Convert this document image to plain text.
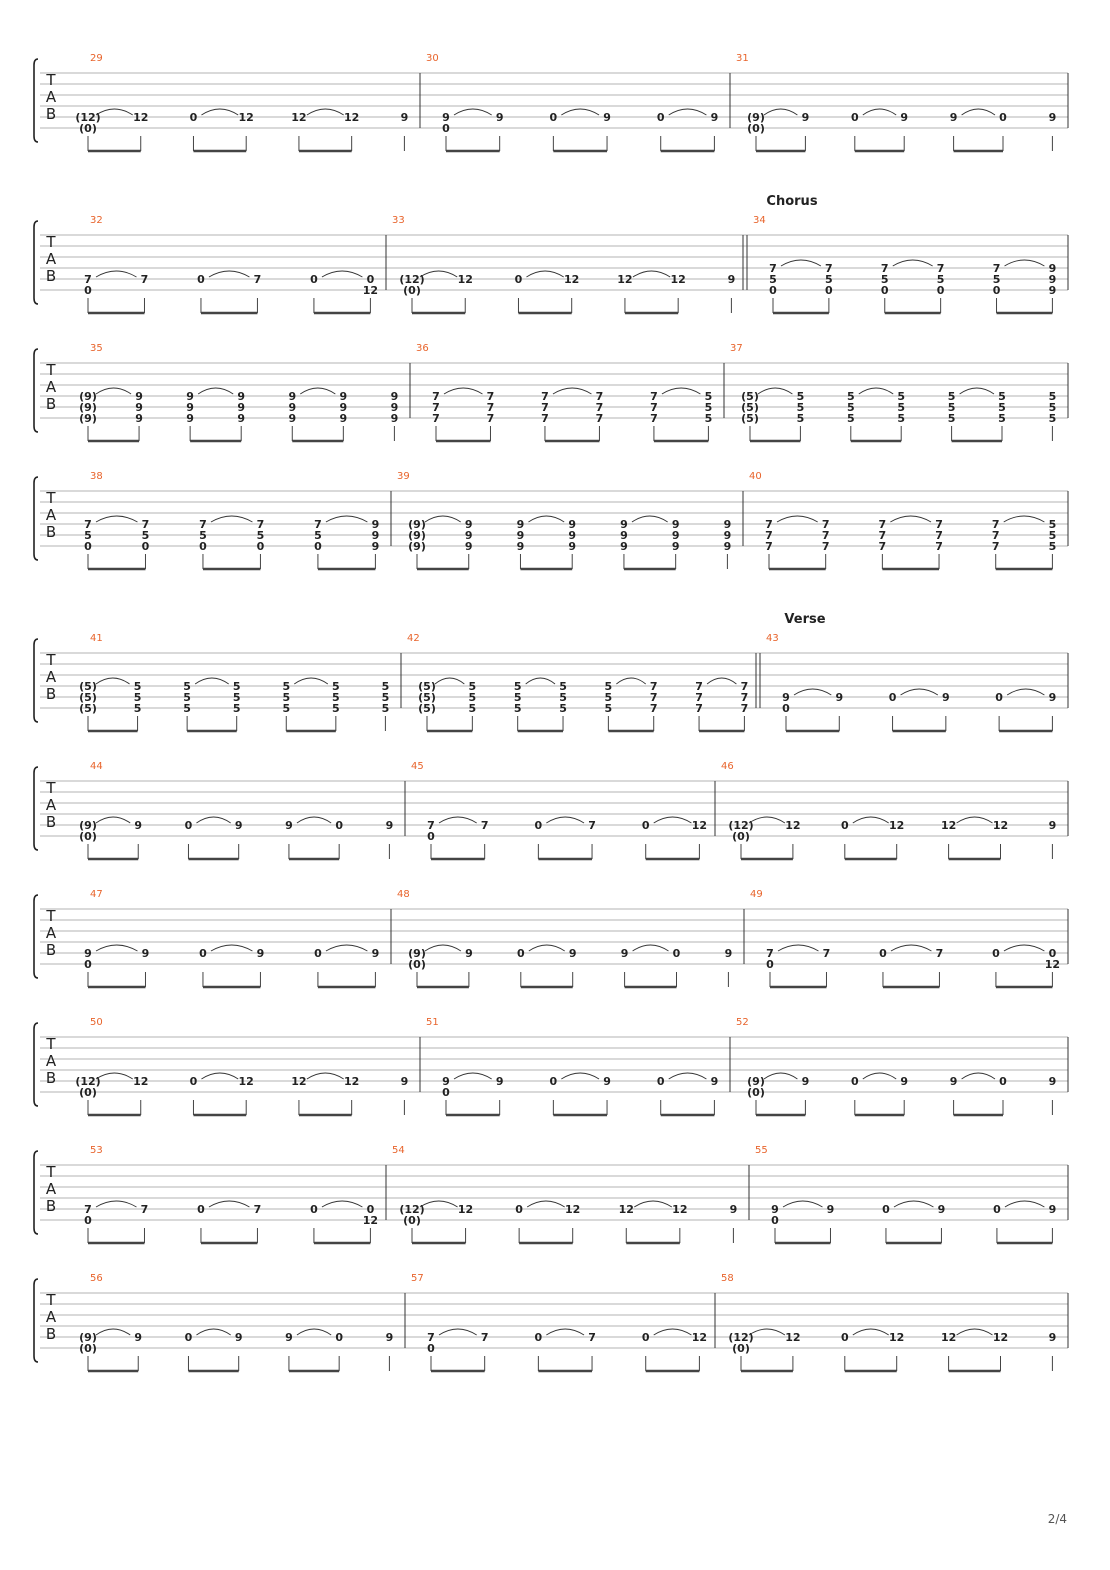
T
A
B
29
(12)
(0)
12	0	12	12	12	9
30
9
0
9	0	9	0	9
31
(9)
(0)
9	0	9	9	0	9
T
A
B
Chorus
32
7
0
7	0	7	0	0
12
33
(12)
(0)
12	0	12	12	12	9
34
7
5
0
7
5
0
7
5
0
7
5
0
7
5
0
9
9
9
T
A
B
35
(9)
(9)
(9)
9
9
9
9
9
9
9
9
9
9
9
9
9
9
9
9
9
9
36
7
7
7
7
7
7
7
7
7
7
7
7
7
7
7
5
5
5
37
(5)
(5)
(5)
5
5
5
5
5
5
5
5
5
5
5
5
5
5
5
5
5
5
T
A
B
38
7
5
0
7
5
0
7
5
0
7
5
0
7
5
0
9
9
9
39
(9)
(9)
(9)
9
9
9
9
9
9
9
9
9
9
9
9
9
9
9
9
9
9
40
7
7
7
7
7
7
7
7
7
7
7
7
7
7
7
5
5
5
T
A
B
Verse
41
(5)
(5)
(5)
5
5
5
5
5
5
5
5
5
5
5
5
5
5
5
5
5
5
42
(5)
(5)
(5)
5
5
5
5
5
5
5
5
5
5
5
5
7
7
7
7
7
7
7
7
7
43
9
0
9	0	9	0	9
T
A
B
44
(9)
(0)
9	0	9	9	0	9
45
7
0
7	0	7	0	12
46
(12)
(0)
12	0	12	12	12	9
T
A
B
47
9
0
9	0	9	0	9
48
(9)
(0)
9	0	9	9	0	9
49
7
0
7	0	7	0	0
12
T
A
B
50
(12)
(0)
12	0	12	12	12	9
51
9
0
9	0	9	0	9
52
(9)
(0)
9	0	9	9	0	9
T
A
B
53
7
0
7	0	7	0	0
12
54
(12)
(0)
12	0	12	12	12	9
55
9
0
9	0	9	0	9
T
A
B
56
(9)
(0)
9	0	9	9	0	9
57
7
0
7	0	7	0	12
58
(12)
(0)
12	0	12	12	12	9
2/4
